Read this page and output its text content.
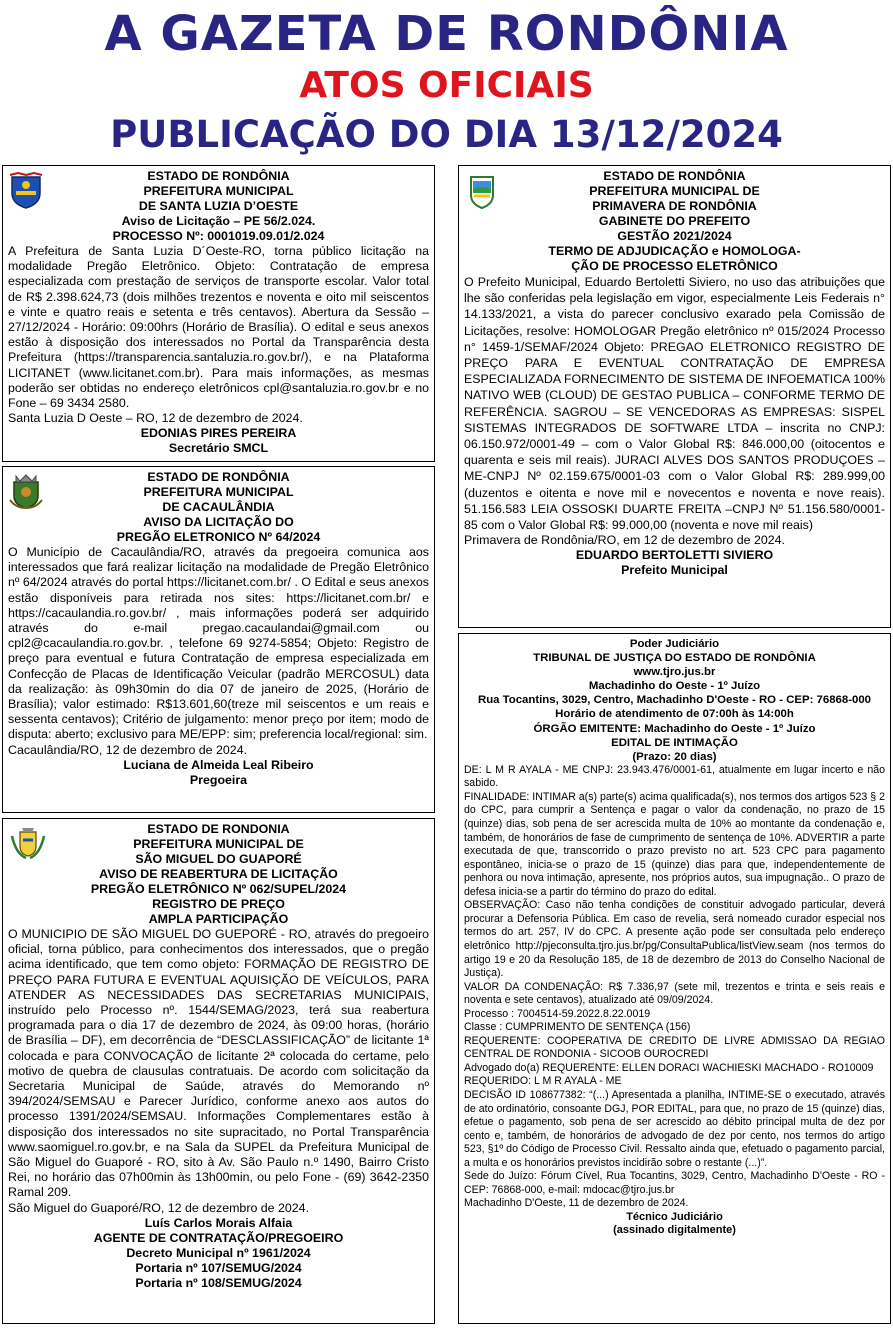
A GAZETA DE RONDÔNIA
ATOS OFICIAIS
PUBLICAÇÃO DO DIA 13/12/2024
ESTADO DE RONDÔNIA
PREFEITURA MUNICIPAL
DE SANTA LUZIA D’OESTE
Aviso de Licitação – PE 56/2.024.
PROCESSO Nº: 0001019.09.01/2.024
A Prefeitura de Santa Luzia D´Oeste-RO, torna público licitação na modalidade Pregão Eletrônico. Objeto: Contratação de empresa especializada com prestação de serviços de transporte escolar. Valor total de R$ 2.398.624,73 (dois milhões trezentos e noventa e oito mil seiscentos e vinte e quatro reais e setenta e três centavos). Abertura da Sessão – 27/12/2024 - Horário: 09:00hrs (Horário de Brasília). O edital e seus anexos estão à disposição dos interessados no Portal da Transparência desta Prefeitura (https://transparencia.santaluzia.ro.gov.br/), e na Plataforma LICITANET (www.licitanet.com.br). Para mais informações, as mesmas poderão ser obtidas no endereço eletrônicos cpl@santaluzia.ro.gov.br e no Fone – 69 3434 2580.
Santa Luzia D Oeste – RO, 12 de dezembro de 2024.
EDONIAS PIRES PEREIRA
Secretário SMCL
ESTADO DE RONDÔNIA
PREFEITURA MUNICIPAL
DE CACAULÂNDIA
AVISO DA LICITAÇÃO DO
PREGÃO ELETRONICO Nº 64/2024
O Município de Cacaulândia/RO, através da pregoeira comunica aos interessados que fará realizar licitação na modalidade de Pregão Eletrônico nº 64/2024 através do portal https://licitanet.com.br/ . O Edital e seus anexos estão disponíveis para retirada nos sites: https://licitanet.com.br/ e https://cacaulandia.ro.gov.br/ , mais informações poderá ser adquirido através do e-mail pregao.cacaulandai@gmail.com ou cpl2@cacaulandia.ro.gov.br. , telefone 69 9274-5854; Objeto: Registro de preço para eventual e futura Contratação de empresa especializada em Confecção de Placas de Identificação Veicular (padrão MERCOSUL) data da realização: às 09h30min do dia 07 de janeiro de 2025, (Horário de Brasília); valor estimado: R$13.601,60(treze mil seiscentos e um reais e sessenta centavos); Critério de julgamento: menor preço por item; modo de disputa: aberto; exclusivo para ME/EPP: sim; preferencia local/regional: sim.
Cacaulândia/RO, 12 de dezembro de 2024.
Luciana de Almeida Leal Ribeiro
Pregoeira
ESTADO DE RONDONIA
PREFEITURA MUNICIPAL DE
SÃO MIGUEL DO GUAPORÉ
AVISO DE REABERTURA DE LICITAÇÃO
PREGÃO ELETRÔNICO Nº 062/SUPEL/2024
REGISTRO DE PREÇO
AMPLA PARTICIPAÇÃO
O MUNICIPIO DE SÃO MIGUEL DO GUEPORÉ - RO, através do pregoeiro oficial, torna público, para conhecimentos dos interessados, que o pregão acima identificado, que tem como objeto: FORMAÇÃO DE REGISTRO DE PREÇO PARA FUTURA E EVENTUAL AQUISIÇÃO DE VEÍCULOS, PARA ATENDER AS NECESSIDADES DAS SECRETARIAS MUNICIPAIS, instruído pelo Processo nº. 1544/SEMAG/2023, terá sua reabertura programada para o dia 17 de dezembro de 2024, às 09:00 horas, (horário de Brasília – DF), em decorrência de “DESCLASSIFICAÇÃO” de licitante 1ª colocada e para CONVOCAÇÃO de licitante 2ª colocada do certame, pelo motivo de quebra de clausulas contratuais. De acordo com solicitação da Secretaria Municipal de Saúde, através do Memorando nº 394/2024/SEMSAU e Parecer Jurídico, conforme anexo aos autos do processo 1391/2024/SEMSAU. Informações Complementares estão à disposição dos interessados no site supracitado, no Portal Transparência www.saomiguel.ro.gov.br, e na Sala da SUPEL da Prefeitura Municipal de São Miguel do Guaporé - RO, sito à Av. São Paulo n.º 1490, Bairro Cristo Rei, no horário das 07h00min às 13h00min, ou pelo Fone - (69) 3642-2350 Ramal 209.
São Miguel do Guaporé/RO, 12 de dezembro de 2024.
Luís Carlos Morais Alfaia
AGENTE DE CONTRATAÇÃO/PREGOEIRO
Decreto Municipal nº 1961/2024
Portaria nº 107/SEMUG/2024
Portaria nº 108/SEMUG/2024
ESTADO DE RONDÔNIA
PREFEITURA MUNICIPAL DE
PRIMAVERA DE RONDÔNIA
GABINETE DO PREFEITO
GESTÃO 2021/2024
TERMO DE ADJUDICAÇÃO e HOMOLOGA-
ÇÃO DE PROCESSO ELETRÔNICO
O Prefeito Municipal, Eduardo Bertoletti Siviero, no uso das atribuições que lhe são conferidas pela legislação em vigor, especialmente Leis Federais n° 14.133/2021, a vista do parecer conclusivo exarado pela Comissão de Licitações, resolve: HOMOLOGAR Pregão eletrônico nº 015/2024 Processo n° 1459-1/SEMAF/2024 Objeto: PREGAO ELETRONICO REGISTRO DE PREÇO PARA E EVENTUAL CONTRATAÇÃO DE EMPRESA ESPECIALIZADA FORNECIMENTO DE SISTEMA DE INFOEMATICA 100% NATIVO WEB (CLOUD) DE GESTAO PUBLICA – CONFORME TERMO DE REFERÊNCIA. SAGROU – SE VENCEDORAS AS EMPRESAS: SISPEL SISTEMAS INTEGRADOS DE SOFTWARE LTDA – inscrita no CNPJ: 06.150.972/0001-49 – com o Valor Global R$: 846.000,00 (oitocentos e quarenta e seis mil reais). JURACI ALVES DOS SANTOS PRODUÇOES –ME-CNPJ Nº 02.159.675/0001-03 com o Valor Global R$: 289.999,00 (duzentos e oitenta e nove mil e novecentos e noventa e nove reais). 51.156.583 LEIA OSSOSKI DUARTE FREITA –CNPJ Nº 51.156.580/0001-85 com o Valor Global R$: 99.000,00 (noventa e nove mil reais)
Primavera de Rondônia/RO, em 12 de dezembro de 2024.
EDUARDO BERTOLETTI SIVIERO
Prefeito Municipal
Poder Judiciário
TRIBUNAL DE JUSTIÇA DO ESTADO DE RONDÔNIA
www.tjro.jus.br
Machadinho do Oeste - 1º Juízo
Rua Tocantins, 3029, Centro, Machadinho D'Oeste - RO - CEP: 76868-000
Horário de atendimento de 07:00h às 14:00h
ÓRGÃO EMITENTE: Machadinho do Oeste - 1º Juízo
EDITAL DE INTIMAÇÃO
(Prazo: 20 dias)
DE: L M R AYALA - ME CNPJ: 23.943.476/0001-61, atualmente em lugar incerto e não sabido.
FINALIDADE: INTIMAR a(s) parte(s) acima qualificada(s), nos termos dos artigos 523 § 2 do CPC, para cumprir a Sentença e pagar o valor da condenação, no prazo de 15 (quinze) dias, sob pena de ser acrescida multa de 10% ao montante da condenação e, também, de honorários de fase de cumprimento de sentença de 10%. ADVERTIR a parte executada de que, transcorrido o prazo previsto no art. 523 CPC para pagamento espontâneo, inicia-se o prazo de 15 (quinze) dias para que, independentemente de penhora ou nova intimação, apresente, nos próprios autos, sua impugnação.. O prazo de defesa inicia-se a partir do término do prazo do edital.
OBSERVAÇÃO: Caso não tenha condições de constituir advogado particular, deverá procurar a Defensoria Pública. Em caso de revelia, será nomeado curador especial nos termos do art. 257, IV do CPC. A presente ação pode ser consultada pelo endereço eletrônico http://pjeconsulta.tjro.jus.br/pg/ConsultaPublica/listView.seam (nos termos do artigo 19 e 20 da Resolução 185, de 18 de dezembro de 2013 do Conselho Nacional de Justiça).
VALOR DA CONDENAÇÃO: R$ 7.336,97 (sete mil, trezentos e trinta e seis reais e noventa e sete centavos), atualizado até 09/09/2024.
Processo : 7004514-59.2022.8.22.0019
Classe : CUMPRIMENTO DE SENTENÇA (156)
REQUERENTE: COOPERATIVA DE CREDITO DE LIVRE ADMISSAO DA REGIAO CENTRAL DE RONDONIA - SICOOB OUROCREDI
Advogado do(a) REQUERENTE: ELLEN DORACI WACHIESKI MACHADO - RO10009
REQUERIDO: L M R AYALA - ME
DECISÃO ID 108677382: “(...) Apresentada a planilha, INTIME-SE o executado, através de ato ordinatório, consoante DGJ, POR EDITAL, para que, no prazo de 15 (quinze) dias, efetue o pagamento, sob pena de ser acrescido ao débito principal multa de dez por cento e, também, de honorários de advogado de dez por cento, nos termos do artigo 523, §1º do Código de Processo Civil. Ressalto ainda que, efetuado o pagamento parcial, a multa e os honorários previstos incidirão sobre o restante (...)”.
Sede do Juízo: Fórum Cível, Rua Tocantins, 3029, Centro, Machadinho D'Oeste - RO - CEP: 76868-000, e-mail: mdocac@tjro.jus.br
Machadinho D'Oeste, 11 de dezembro de 2024.
Técnico Judiciário
(assinado digitalmente)
